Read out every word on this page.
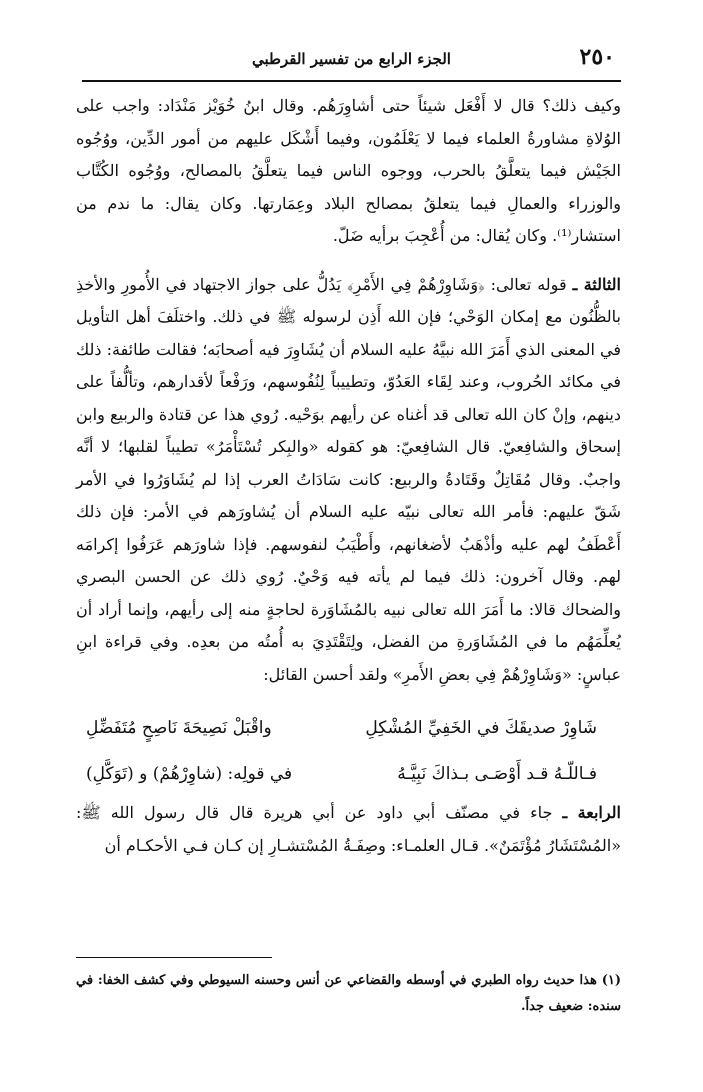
٢٥٠
الجزء الرابع من تفسير القرطبي

وكيف ذلك؟ قال لا أَفْعَل شيئاً حتى أشاوِرَهُم. وقال ابنُ خُوَيْز مَنْدَاد: واجب على الوُلاةِ مشاورةُ العلماء فيما لا يَعْلَمُون، وفيما أَشْكَل عليهم من أمور الدِّين، ووُجُوه الجَيْش فيما يتعلَّقُ بالحرب، ووجوه الناس فيما يتعلَّقُ بالمصالح، ووُجُوه الكُتَّاب والوزراء والعمالِ فيما يتعلقُ بمصالح البلاد وعِمَارتها. وكان يقال: ما ندم من استشار⁽¹⁾. وكان يُقال: من أُعْجِبَ برأيه ضَلّ.

الثالثة ـ قوله تعالى: ﴿وَشَاوِرْهُمْ فِي الأَمْرِ﴾ يَدُلُّ على جواز الاجتهاد في الأُمورِ والأخذِ بالظُّنُون مع إمكان الوَحْي؛ فإن الله أَذِن لرسوله ﷺ في ذلك. واختلَفَ أهل التأويل في المعنى الذي أَمَرَ الله نبيَّهُ عليه السلام أن يُشَاوِرَ فيه أصحابَه؛ فقالت طائفة: ذلك في مكائد الحُروب، وعند لِقَاء العَدُوّ، وتطييباً لِنُفُوسهم، ورَفْعاً لأقدارهم، وتألُّفاً على دينهم، وإنْ كان الله تعالى قد أغناه عن رأيهم بوَحْيه. رُوي هذا عن قتادة والربيع وابن إسحاق والشافِعيّ. قال الشافِعيّ: هو كقوله «والبِكر تُسْتَأْمَرُ» تطيباً لقلبها؛ لا أنَّه واجبٌ. وقال مُقَاتِلٌ وقَتَادةُ والربيع: كانت سَادَاتُ العرب إذا لم يُشَاوَرُوا في الأمر شَقّ عليهم: فأمر الله تعالى نبيّه عليه السلام أن يُشاورَهم في الأمر: فإن ذلك أَعْطَفُ لهم عليه وأذْهَبُ لأضغانهم، وأَطْيَبُ لنفوسهم. فإذا شاورَهم عَرَفُوا إكرامَه لهم. وقال آخرون: ذلك فيما لم يأته فيه وَحْيٌ. رُوي ذلك عن الحسن البصري والضحاك قالا: ما أَمَرَ الله تعالى نبيه بالمُشَاوَرة لحاجةٍ منه إلى رأيهم، وإنما أراد أن يُعلِّمَهُم ما في المُشَاوَرةِ من الفضل، ولِتَقْتَدِيَ به أُمتُه من بعدِه. وفي قراءة ابنِ عباسٍ: «وَشَاوِرْهُمْ فِي بعضِ الأَمرِ» ولقد أحسن القائل:

شَاوِرْ صديقَكَ في الخَفِيِّ المُشْكِلِ
واقْبَلْ نَصِيحَةَ نَاصِحٍ مُتَفَضِّلِ
فـاللّـهُ قـد أَوْصَـى بـذاكَ نَبِيَّـهُ
في قولِه: (شاوِرْهُمْ) و (تَوَكَّلِ)

الرابعة ـ جاء في مصنّف أبي داود عن أبي هريرة قال قال رسول الله ﷺ: «المُسْتَشَارُ مُؤْتَمَنٌ». قـال العلمـاء: وصِفَـةُ المُسْتشـارِ إن كـان فـي الأحكـام أن

(١) هذا حديث رواه الطبري في أوسطه والقضاعي عن أنس وحسنه السيوطي وفي كشف الخفا: في سنده: ضعيف جداً.
